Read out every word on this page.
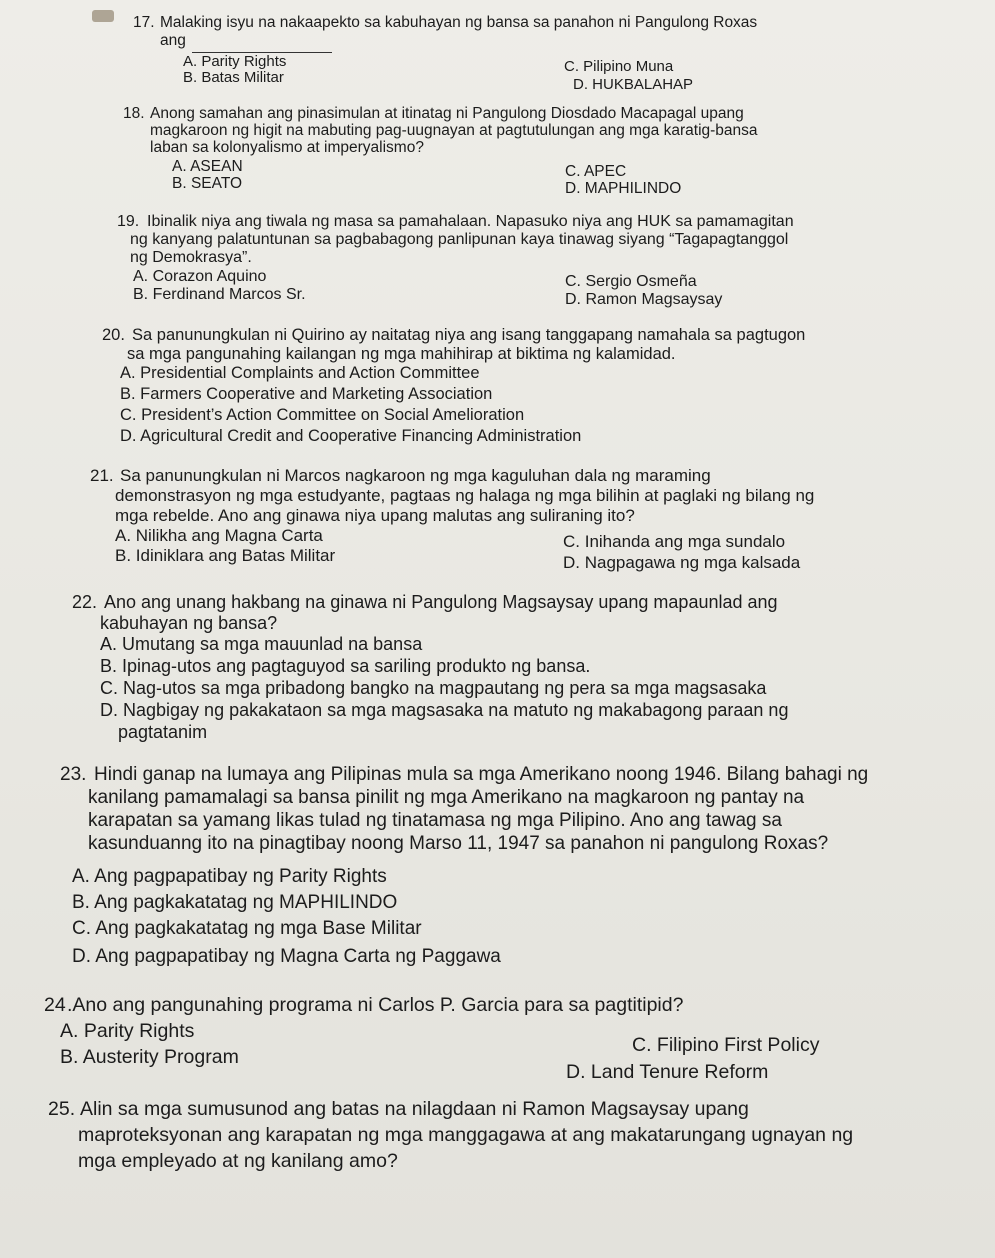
17. Malaking isyu na nakaapekto sa kabuhayan ng bansa sa panahon ni Pangulong Roxas
ang
A. Parity Rights
B. Batas Militar
C. Pilipino Muna
D. HUKBALAHAP
18. Anong samahan ang pinasimulan at itinatag ni Pangulong Diosdado Macapagal upang
magkaroon ng higit na mabuting pag-uugnayan at pagtutulungan ang mga karatig-bansa
laban sa kolonyalismo at imperyalismo?
A. ASEAN
B. SEATO
C. APEC
D. MAPHILINDO
19. Ibinalik niya ang tiwala ng masa sa pamahalaan. Napasuko niya ang HUK sa pamamagitan
ng kanyang palatuntunan sa pagbabagong panlipunan kaya tinawag siyang “Tagapagtanggol
ng Demokrasya”.
A. Corazon Aquino
B. Ferdinand Marcos Sr.
C. Sergio Osmeña
D. Ramon Magsaysay
20. Sa panunungkulan ni Quirino ay naitatag niya ang isang tanggapang namahala sa pagtugon
sa mga pangunahing kailangan ng mga mahihirap at biktima ng kalamidad.
A. Presidential Complaints and Action Committee
B. Farmers Cooperative and Marketing Association
C. President’s Action Committee on Social Amelioration
D. Agricultural Credit and Cooperative Financing Administration
21. Sa panunungkulan ni Marcos nagkaroon ng mga kaguluhan dala ng maraming
demonstrasyon ng mga estudyante, pagtaas ng halaga ng mga bilihin at paglaki ng bilang ng
mga rebelde. Ano ang ginawa niya upang malutas ang suliraning ito?
A. Nilikha ang Magna Carta
B. Idiniklara ang Batas Militar
C. Inihanda ang mga sundalo
D. Nagpagawa ng mga kalsada
22. Ano ang unang hakbang na ginawa ni Pangulong Magsaysay upang mapaunlad ang
kabuhayan ng bansa?
A. Umutang sa mga mauunlad na bansa
B. Ipinag-utos ang pagtaguyod sa sariling produkto ng bansa.
C. Nag-utos sa mga pribadong bangko na magpautang ng pera sa mga magsasaka
D. Nagbigay ng pakakataon sa mga magsasaka na matuto ng makabagong paraan ng
pagtatanim
23. Hindi ganap na lumaya ang Pilipinas mula sa mga Amerikano noong 1946. Bilang bahagi ng
kanilang pamamalagi sa bansa pinilit ng mga Amerikano na magkaroon ng pantay na
karapatan sa yamang likas tulad ng tinatamasa ng mga Pilipino. Ano ang tawag sa
kasunduanng ito na pinagtibay noong Marso 11, 1947 sa panahon ni pangulong Roxas?
A. Ang pagpapatibay ng Parity Rights
B. Ang pagkakatatag ng MAPHILINDO
C. Ang pagkakatatag ng mga Base Militar
D. Ang pagpapatibay ng Magna Carta ng Paggawa
24 .Ano ang pangunahing programa ni Carlos P. Garcia para sa pagtitipid?
A. Parity Rights
B. Austerity Program
C. Filipino First Policy
D. Land Tenure Reform
25. Alin sa mga sumusunod ang batas na nilagdaan ni Ramon Magsaysay upang
maproteksyonan ang karapatan ng mga manggagawa at ang makatarungang ugnayan ng
mga empleyado at ng kanilang amo?
